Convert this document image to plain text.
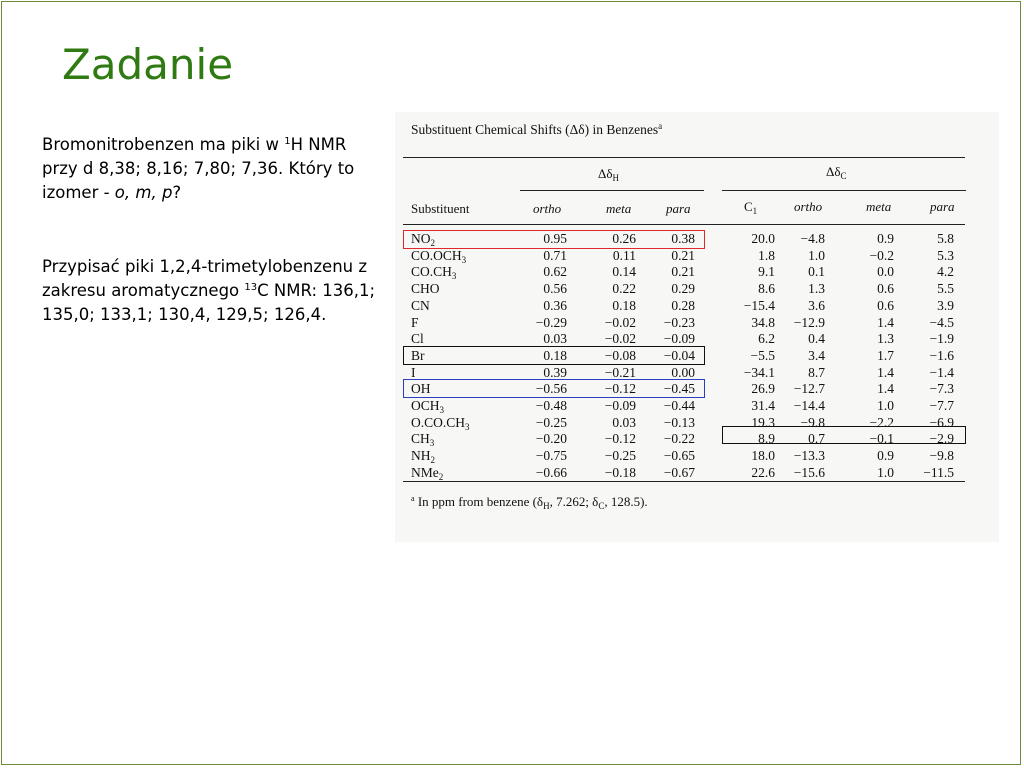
Zadanie
Bromonitrobenzen ma piki w $^1$H NMR przy d 8,38; 8,16; 7,80; 7,36. Który to izomer - o, m, p?
Przypisać piki 1,2,4-trimetylobenzenu z zakresu aromatycznego $^{13}$C NMR: 136,1; 135,0; 133,1; 130,4, 129,5; 126,4.
Substituent Chemical Shifts (Δδ) in Benzenes$^a$
$\Delta\delta_H$	$\Delta\delta_C$
Substituent	ortho	meta	para	$C_1$	ortho	meta	para
$NO_2$	0.95	0.26	0.38	20.0	−4.8	0.9	5.8
$CO.OCH_3$	0.71	0.11	0.21	1.8	1.0	−0.2	5.3
$CO.CH_3$	0.62	0.14	0.21	9.1	0.1	0.0	4.2
CHO	0.56	0.22	0.29	8.6	1.3	0.6	5.5
CN	0.36	0.18	0.28	−15.4	3.6	0.6	3.9
F	−0.29	−0.02	−0.23	34.8	−12.9	1.4	−4.5
Cl	0.03	−0.02	−0.09	6.2	0.4	1.3	−1.9
Br	0.18	−0.08	−0.04	−5.5	3.4	1.7	−1.6
I	0.39	−0.21	0.00	−34.1	8.7	1.4	−1.4
OH	−0.56	−0.12	−0.45	26.9	−12.7	1.4	−7.3
$OCH_3$	−0.48	−0.09	−0.44	31.4	−14.4	1.0	−7.7
$O.CO.CH_3$	−0.25	0.03	−0.13	19.3	−9.8	−2.2	−6.9
$CH_3$	−0.20	−0.12	−0.22	8.9	0.7	−0.1	−2.9
$NH_2$	−0.75	−0.25	−0.65	18.0	−13.3	0.9	−9.8
NMe$_2$	−0.66	−0.18	−0.67	22.6	−15.6	1.0	−11.5
$^a$ In ppm from benzene ($\delta_H$, 7.262; $\delta_C$, 128.5).
